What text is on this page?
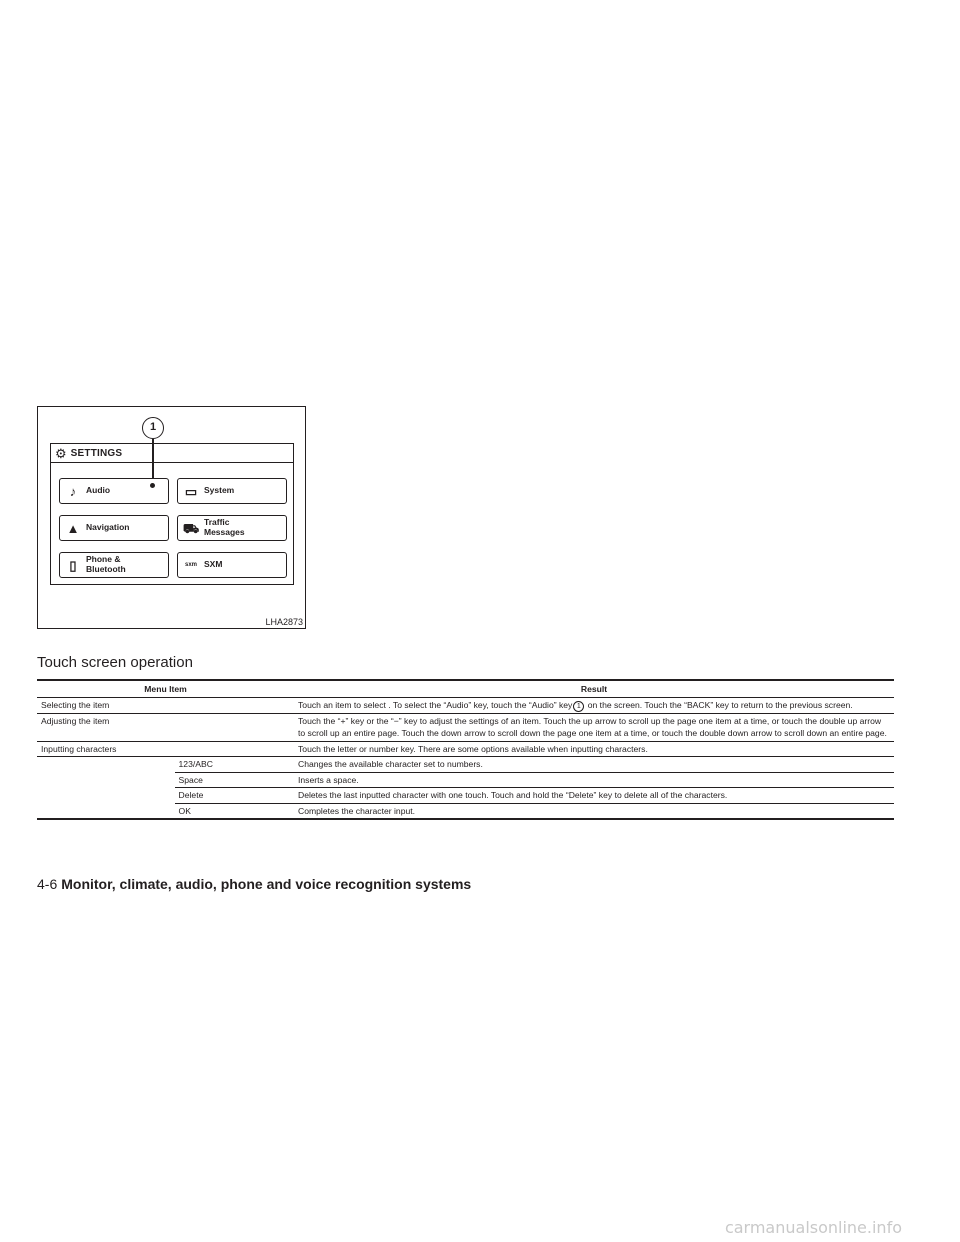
1
⚙ SETTINGS
♪	Audio	▭ System
▲ Navigation	⛟ Traffic
Messages
▯	Phone &
Bluetooth	sxm SXM
LHA2873
Touch screen operation
Menu Item		Result
Selecting the item		Touch an item to select . To select the “Audio” key, touch the “Audio” key 1 on the screen. Touch the “BACK” key to return to the previous screen.
Adjusting the item		Touch the “+” key or the “−” key to adjust the settings of an item. Touch the up arrow to scroll up the page one item at a time, or touch the double up arrow to scroll up an entire page. Touch the down arrow to scroll down the page one item at a time, or touch the double down arrow to scroll down an entire page.
Inputting characters		Touch the letter or number key. There are some options available when inputting characters.
	123/ABC	Changes the available character set to numbers.
	Space	Inserts a space.
	Delete	Deletes the last inputted character with one touch. Touch and hold the “Delete” key to delete all of the characters.
	OK	Completes the character input.
4-6 Monitor, climate, audio, phone and voice recognition systems
carmanualsonline.info
